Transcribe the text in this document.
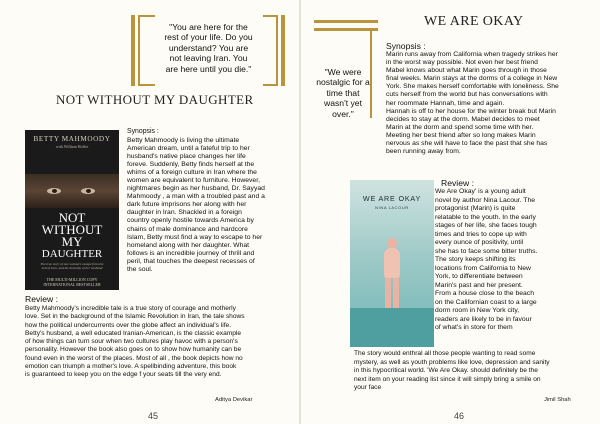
"You are here for the
rest of your life. Do you
understand? You are
not leaving Iran. You
are here until you die."
NOT WITHOUT MY DAUGHTER
BETTY MAHMOODY
with William Hoffer
NOT
WITHOUT
MY
DAUGHTER
The true story of one woman's escape from the hell of Iran, and the brutality of her husband
THE MULTI-MILLION COPY
INTERNATIONAL BESTSELLER
Synopsis :
Betty Mahmoody is living the ultimate
American dream, until a fateful trip to her
husband's native place changes her life
foreve. Suddenly, Betty finds herself at the
whims of a foreign culture in Iran where the
women are equivalent to furniture. However,
nightmares begin as her husband, Dr. Sayyad
Mahmoody , a man with a troubled past and a
dark future imprisons her along with her
daughter in Iran. Shackled in a foreign
country openly hostile towards America by
chains of male dominance and hardcore
Islam, Betty must find a way to escape to her
homeland along with her daughter. What
follows is an incredible journey of thrill and
peril, that touches the deepest recesses of
the soul.
Review :
Betty Mahmoody's incredible tale is a true story of courage and motherly
love. Set in the background of the Islamic Revolution in Iran, the tale shows
how the political undercurrents over the globe affect an individual's life.
Betty's husband, a well educated Iranian-American, is the classic example
of how things can turn sour when two cultures play havoc with a person's
personality. However the book also goes on to show how humanity can be
found even in the worst of the places. Most of all , the book depicts how no
emotion can triumph a mother's love. A spellbinding adventure, this book
is guaranteed to keep you on the edge f your seats till the very end.
Aditya Devikar
45
WE ARE OKAY
"We were
nostalgic for a
time that
wasn't yet
over."
Synopsis :
Marin runs away from California when tragedy strikes her
in the worst way possible. Not even her best friend
Mabel knows about what Marin goes through in those
final weeks. Marin stays at the dorms of a college in New
York. She makes herself comfortable with loneliness. She
cuts herself from the world but has conversations with
her roommate Hannah, time and again.
Hannah is off to her house for the winter break but Marin
decides to stay at the dorm. Mabel decides to meet
Marin at the dorm and spend some time with her.
Meeting her best friend after so long makes Marin
nervous as she will have to face the past that she has
been running away from.
WE ARE OKAY
NINA LACOUR
Review :
We Are Okay' is a young adult
novel by author Nina Lacour. The
protagonist (Marin) is quite
relatable to the youth. In the early
stages of her life, she faces tough
times and tries to cope up with
every ounce of positivity, until
she has to face some bitter truths.
The story keeps shifting its
locations from California to New
York, to differentiate between
Marin's past and her present.
From a house close to the beach
on the Californian coast to a large
dorm room in New York city,
readers are likely to be in favour
of what's in store for them
The story would enthral all those people wanting to read some
mystery, as well as youth problems like love, depression and sanity
in this hypocritical world. 'We Are Okay. should definitely be the
next item on your reading list since it will simply bring a smile on
your face
Jimil Shah
46
